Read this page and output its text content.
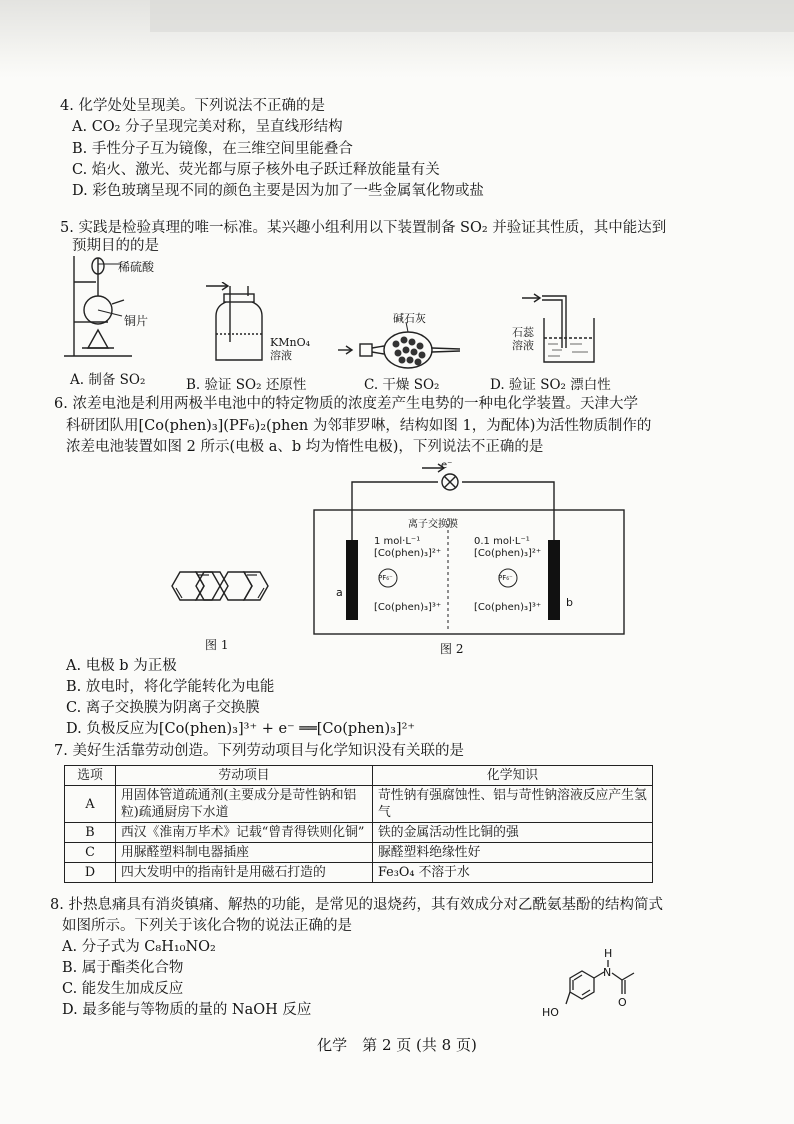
4. 化学处处呈现美。下列说法不正确的是
A. CO₂ 分子呈现完美对称，呈直线形结构
B. 手性分子互为镜像，在三维空间里能叠合
C. 焰火、激光、荧光都与原子核外电子跃迁释放能量有关
D. 彩色玻璃呈现不同的颜色主要是因为加了一些金属氧化物或盐
5. 实践是检验真理的唯一标准。某兴趣小组利用以下装置制备 SO₂ 并验证其性质，其中能达到
预期目的的是
稀硫酸
铜片
KMnO₄
溶液
碱石灰
石蕊
溶液
A. 制备 SO₂	B. 验证 SO₂ 还原性	C. 干燥 SO₂	D. 验证 SO₂ 漂白性
6. 浓差电池是利用两极半电池中的特定物质的浓度差产生电势的一种电化学装置。天津大学
科研团队用[Co(phen)₃](PF₆)₂(phen 为邻菲罗啉，结构如图 1，为配体)为活性物质制作的
浓差电池装置如图 2 所示(电极 a、b 均为惰性电极)，下列说法不正确的是
图 1
e⁻
离子交换膜
1 mol·L⁻¹
[Co(phen)₃]²⁺
PF₆⁻
[Co(phen)₃]³⁺
0.1 mol·L⁻¹
[Co(phen)₃]²⁺
PF₆⁻
[Co(phen)₃]³⁺
a
b
图 2
A. 电极 b 为正极
B. 放电时，将化学能转化为电能
C. 离子交换膜为阴离子交换膜
D. 负极反应为[Co(phen)₃]³⁺ + e⁻ ══[Co(phen)₃]²⁺
7. 美好生活靠劳动创造。下列劳动项目与化学知识没有关联的是
选项	劳动项目	化学知识
A	用固体管道疏通剂(主要成分是苛性钠和铝粒)疏通厨房下水道	苛性钠有强腐蚀性、铝与苛性钠溶液反应产生氢气
B	西汉《淮南万毕术》记载“曾青得铁则化铜”	铁的金属活动性比铜的强
C	用脲醛塑料制电器插座	脲醛塑料绝缘性好
D	四大发明中的指南针是用磁石打造的	Fe₃O₄ 不溶于水
8. 扑热息痛具有消炎镇痛、解热的功能，是常见的退烧药，其有效成分对乙酰氨基酚的结构简式
如图所示。下列关于该化合物的说法正确的是
A. 分子式为 C₈H₁₀NO₂
B. 属于酯类化合物
C. 能发生加成反应
D. 最多能与等物质的量的 NaOH 反应
H
N
O
HO
化学　第 2 页 (共 8 页)
